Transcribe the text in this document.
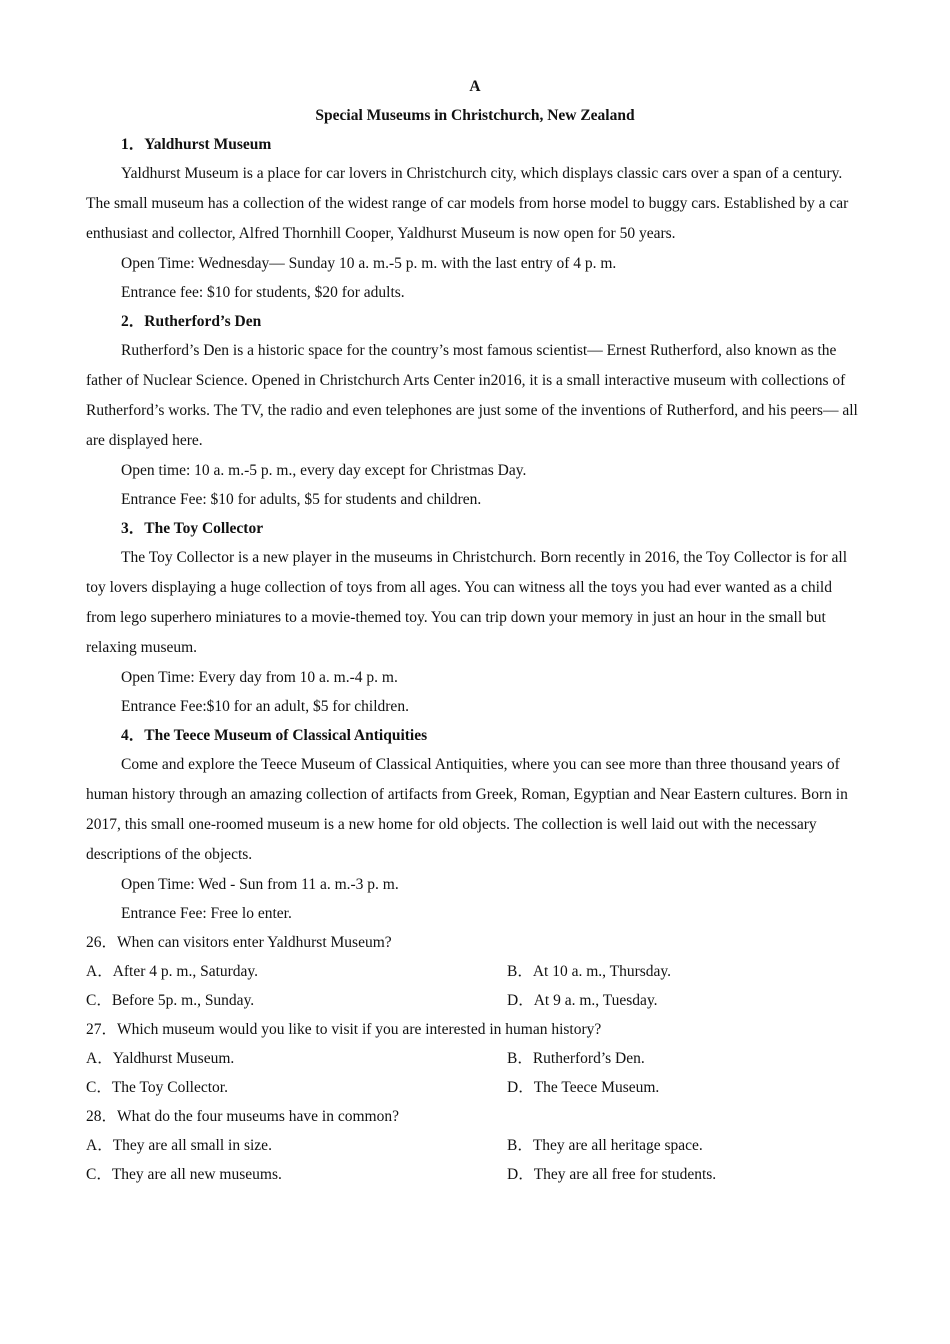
A
Special Museums in Christchurch, New Zealand
1．Yaldhurst Museum

Yaldhurst Museum is a place for car lovers in Christchurch city, which displays classic cars over a span of a century. The small museum has a collection of the widest range of car models from horse model to buggy cars. Established by a car enthusiast and collector, Alfred Thornhill Cooper, Yaldhurst Museum is now open for 50 years.

Open Time: Wednesday— Sunday 10 a. m.-5 p. m. with the last entry of 4 p. m.
Entrance fee: $10 for students, $20 for adults.
2．Rutherford’s Den

Rutherford’s Den is a historic space for the country’s most famous scientist— Ernest Rutherford, also known as the father of Nuclear Science. Opened in Christchurch Arts Center in2016, it is a small interactive museum with collections of Rutherford’s works. The TV, the radio and even telephones are just some of the inventions of Rutherford, and his peers— all are displayed here.

Open time: 10 a. m.-5 p. m., every day except for Christmas Day.
Entrance Fee: $10 for adults, $5 for students and children.
3．The Toy Collector

The Toy Collector is a new player in the museums in Christchurch. Born recently in 2016, the Toy Collector is for all toy lovers displaying a huge collection of toys from all ages. You can witness all the toys you had ever wanted as a child from lego superhero miniatures to a movie-themed toy. You can trip down your memory in just an hour in the small but relaxing museum.

Open Time: Every day from 10 a. m.-4 p. m.
Entrance Fee:$10 for an adult, $5 for children.
4．The Teece Museum of Classical Antiquities

Come and explore the Teece Museum of Classical Antiquities, where you can see more than three thousand years of human history through an amazing collection of artifacts from Greek, Roman, Egyptian and Near Eastern cultures. Born in 2017, this small one-roomed museum is a new home for old objects. The collection is well laid out with the necessary descriptions of the objects.

Open Time: Wed - Sun from 11 a. m.-3 p. m.
Entrance Fee: Free lo enter.
26．When can visitors enter Yaldhurst Museum?
A．After 4 p. m., Saturday.	B．At 10 a. m., Thursday.
C．Before 5p. m., Sunday.	D．At 9 a. m., Tuesday.
27．Which museum would you like to visit if you are interested in human history?
A．Yaldhurst Museum.	B．Rutherford’s Den.
C．The Toy Collector.	D．The Teece Museum.
28．What do the four museums have in common?
A．They are all small in size.	B．They are all heritage space.
C．They are all new museums.	D．They are all free for students.
